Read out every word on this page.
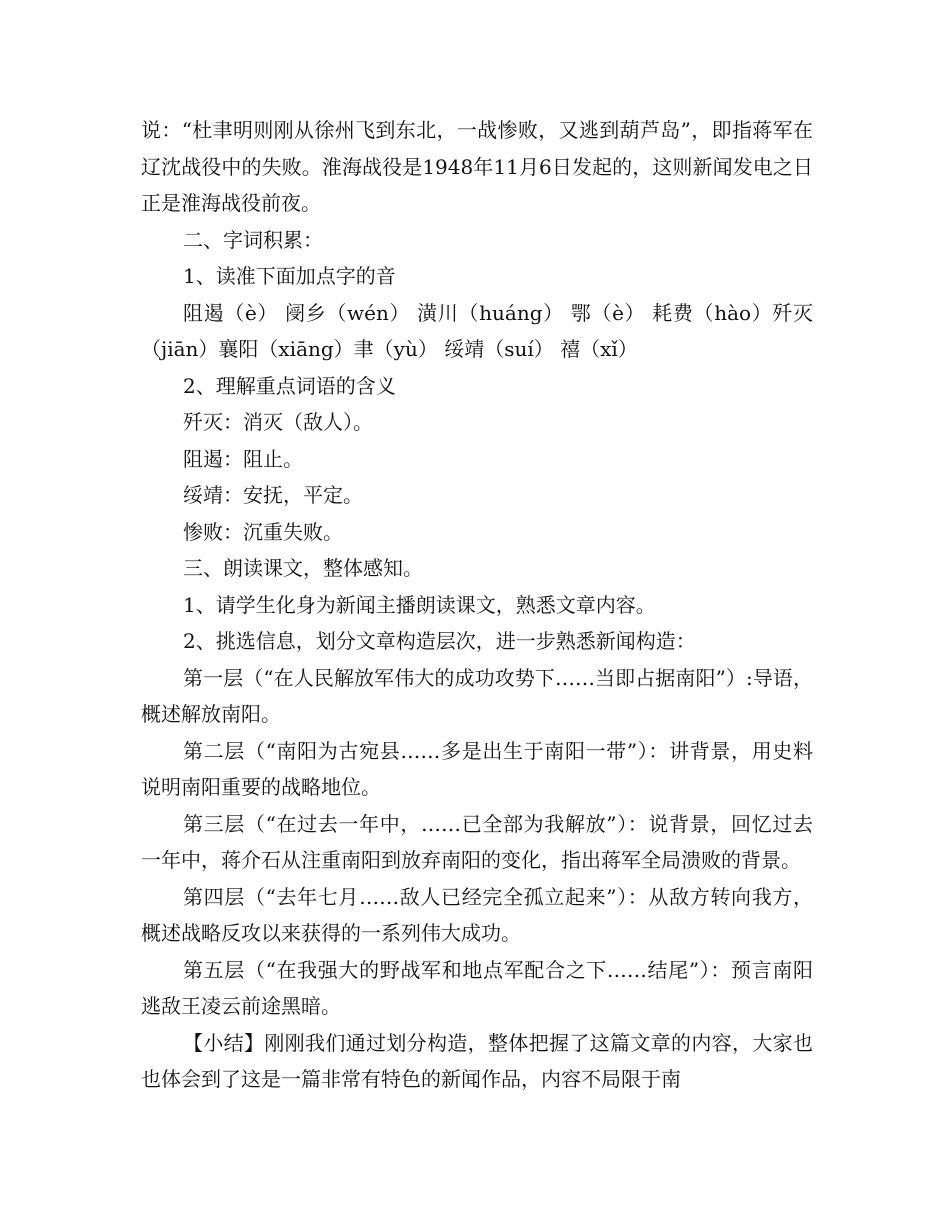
说：“杜聿明则刚从徐州飞到东北，一战惨败，又逃到葫芦岛”，即指蒋军在辽沈战役中的失败。淮海战役是1948年11月6日发起的，这则新闻发电之日正是淮海战役前夜。

二、字词积累：

1、读准下面加点字的音

阻遏（è） 阌乡（wén） 潢川（huáng） 鄂（è） 耗费（hào）歼灭（jiān）襄阳（xiāng）聿（yù） 绥靖（suí） 禧（xǐ）

2、理解重点词语的含义

歼灭：消灭（敌人）。

阻遏：阻止。

绥靖：安抚，平定。

惨败：沉重失败。

三、朗读课文，整体感知。

1、请学生化身为新闻主播朗读课文，熟悉文章内容。

2、挑选信息，划分文章构造层次，进一步熟悉新闻构造：

第一层（“在人民解放军伟大的成功攻势下……当即占据南阳”）:导语，概述解放南阳。

第二层（“南阳为古宛县……多是出生于南阳一带”）：讲背景，用史料说明南阳重要的战略地位。

第三层（“在过去一年中，……已全部为我解放”）：说背景，回忆过去一年中，蒋介石从注重南阳到放弃南阳的变化，指出蒋军全局溃败的背景。

第四层（“去年七月……敌人已经完全孤立起来”）：从敌方转向我方，概述战略反攻以来获得的一系列伟大成功。

第五层（“在我强大的野战军和地点军配合之下……结尾”）：预言南阳逃敌王凌云前途黑暗。

【小结】刚刚我们通过划分构造，整体把握了这篇文章的内容，大家也也体会到了这是一篇非常有特色的新闻作品，内容不局限于南
